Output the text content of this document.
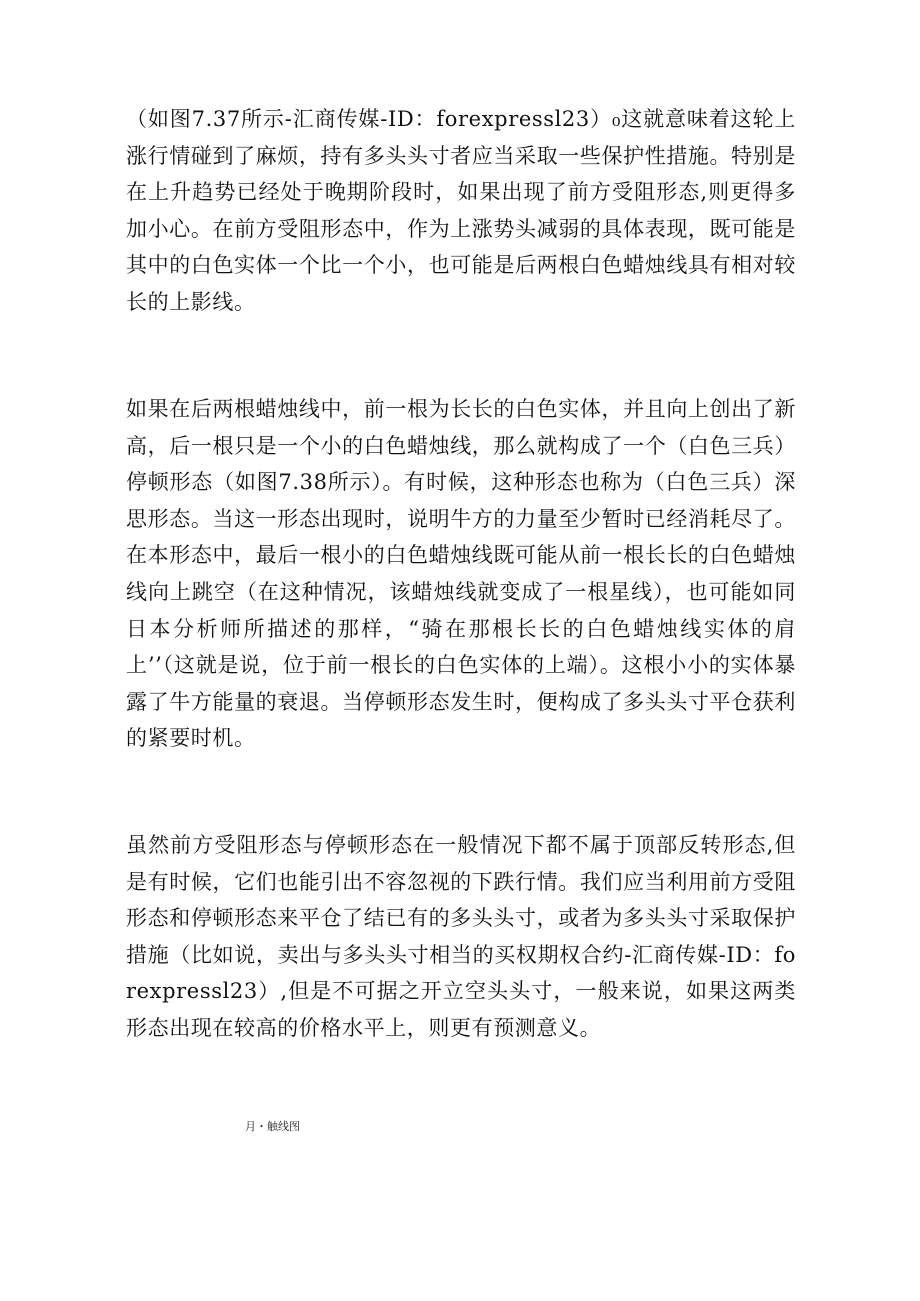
（如图7.37所示-汇商传媒-ID：forexpressl23）₀这就意味着这轮上涨行情碰到了麻烦，持有多头头寸者应当采取一些保护性措施。特别是在上升趋势已经处于晚期阶段时，如果出现了前方受阻形态,则更得多加小心。在前方受阻形态中，作为上涨势头减弱的具体表现，既可能是其中的白色实体一个比一个小，也可能是后两根白色蜡烛线具有相对较长的上影线。

如果在后两根蜡烛线中，前一根为长长的白色实体，并且向上创出了新高，后一根只是一个小的白色蜡烛线，那么就构成了一个（白色三兵）停顿形态（如图7.38所示）。有时候，这种形态也称为（白色三兵）深思形态。当这一形态出现时，说明牛方的力量至少暂时已经消耗尽了。在本形态中，最后一根小的白色蜡烛线既可能从前一根长长的白色蜡烛线向上跳空（在这种情况，该蜡烛线就变成了一根星线），也可能如同日本分析师所描述的那样，“骑在那根长长的白色蜡烛线实体的肩上’’（这就是说，位于前一根长的白色实体的上端）。这根小小的实体暴露了牛方能量的衰退。当停顿形态发生时，便构成了多头头寸平仓获利的紧要时机。

虽然前方受阻形态与停顿形态在一般情况下都不属于顶部反转形态,但是有时候，它们也能引出不容忽视的下跌行情。我们应当利用前方受阻形态和停顿形态来平仓了结已有的多头头寸，或者为多头头寸采取保护措施（比如说，卖出与多头头寸相当的买权期权合约-汇商传媒-ID：forexpressl23）,但是不可据之开立空头头寸，一般来说，如果这两类形态出现在较高的价格水平上，则更有预测意义。

月・触线图
